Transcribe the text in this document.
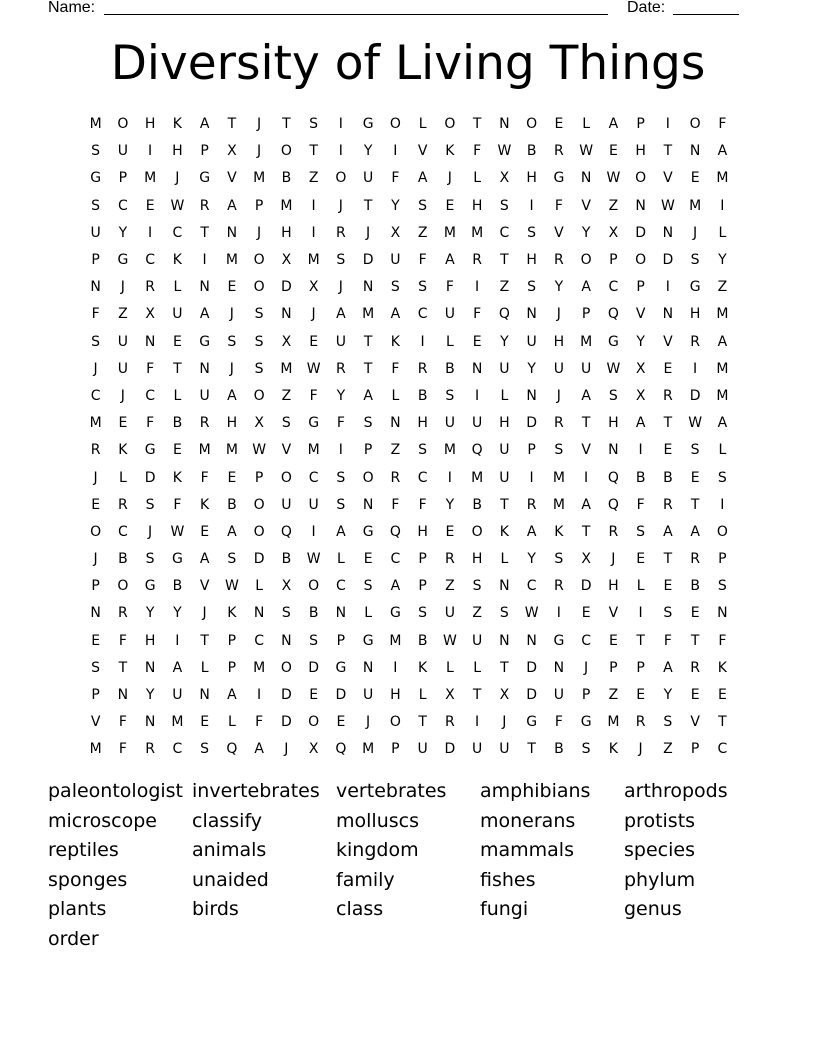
Name:	Date:
Diversity of Living Things
M	O	H	K	A	T	J	T	S	I	G	O	L	O	T	N	O	E	L	A	P	I	O	F
S	U	I	H	P	X	J	O	T	I	Y	I	V	K	F	W	B	R	W	E	H	T	N	A
G	P	M	J	G	V	M	B	Z	O	U	F	A	J	L	X	H	G	N	W	O	V	E	M
S	C	E	W	R	A	P	M	I	J	T	Y	S	E	H	S	I	F	V	Z	N	W	M	I
U	Y	I	C	T	N	J	H	I	R	J	X	Z	M	M	C	S	V	Y	X	D	N	J	L
P	G	C	K	I	M	O	X	M	S	D	U	F	A	R	T	H	R	O	P	O	D	S	Y
N	J	R	L	N	E	O	D	X	J	N	S	S	F	I	Z	S	Y	A	C	P	I	G	Z
F	Z	X	U	A	J	S	N	J	A	M	A	C	U	F	Q	N	J	P	Q	V	N	H	M
S	U	N	E	G	S	S	X	E	U	T	K	I	L	E	Y	U	H	M	G	Y	V	R	A
J	U	F	T	N	J	S	M	W	R	T	F	R	B	N	U	Y	U	U	W	X	E	I	M
C	J	C	L	U	A	O	Z	F	Y	A	L	B	S	I	L	N	J	A	S	X	R	D	M
M	E	F	B	R	H	X	S	G	F	S	N	H	U	U	H	D	R	T	H	A	T	W	A
R	K	G	E	M	M	W	V	M	I	P	Z	S	M	Q	U	P	S	V	N	I	E	S	L
J	L	D	K	F	E	P	O	C	S	O	R	C	I	M	U	I	M	I	Q	B	B	E	S
E	R	S	F	K	B	O	U	U	S	N	F	F	Y	B	T	R	M	A	Q	F	R	T	I
O	C	J	W	E	A	O	Q	I	A	G	Q	H	E	O	K	A	K	T	R	S	A	A	O
J	B	S	G	A	S	D	B	W	L	E	C	P	R	H	L	Y	S	X	J	E	T	R	P
P	O	G	B	V	W	L	X	O	C	S	A	P	Z	S	N	C	R	D	H	L	E	B	S
N	R	Y	Y	J	K	N	S	B	N	L	G	S	U	Z	S	W	I	E	V	I	S	E	N
E	F	H	I	T	P	C	N	S	P	G	M	B	W	U	N	N	G	C	E	T	F	T	F
S	T	N	A	L	P	M	O	D	G	N	I	K	L	L	T	D	N	J	P	P	A	R	K
P	N	Y	U	N	A	I	D	E	D	U	H	L	X	T	X	D	U	P	Z	E	Y	E	E
V	F	N	M	E	L	F	D	O	E	J	O	T	R	I	J	G	F	G	M	R	S	V	T
M	F	R	C	S	Q	A	J	X	Q	M	P	U	D	U	U	T	B	S	K	J	Z	P	C
paleontologist invertebrates vertebrates	amphibians	arthropods
microscope	classify	molluscs	monerans	protists
reptiles	animals	kingdom	mammals	species
sponges	unaided	family	fishes	phylum
plants	birds	class	fungi	genus
order
